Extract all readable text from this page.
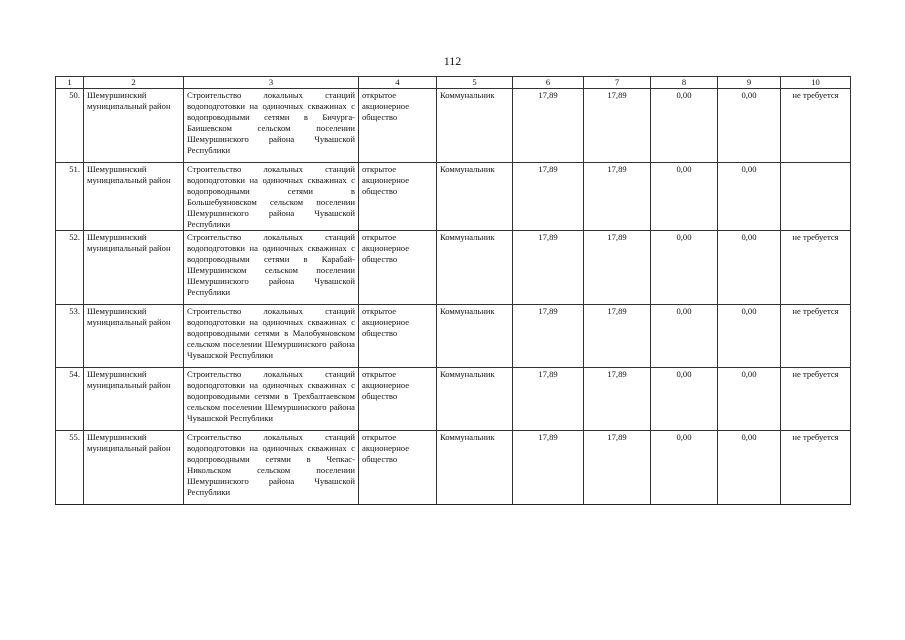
112
1	2	3	4	5	6	7	8	9	10
50.	Шемуршинский муниципальный район	Строительство локальных станций водоподготовки на одиночных скважинах с водопроводными сетями в Бичурга-Баишевском сельском поселении Шемуршинского района Чувашской Республики	открытое акционерное общество	Коммунальник	17,89	17,89	0,00	0,00	не требуется
51.	Шемуршинский муниципальный район	Строительство локальных станций водоподготовки на одиночных скважинах с водопроводными сетями в Большебуяновском сельском поселении Шемуршинского района Чувашской Республики	открытое акционерное общество	Коммунальник	17,89	17,89	0,00	0,00	
52.	Шемуршинский муниципальный район	Строительство локальных станций водоподготовки на одиночных скважинах с водопроводными сетями в Карабай-Шемуршинском сельском поселении Шемуршинского района Чувашской Республики	открытое акционерное общество	Коммунальник	17,89	17,89	0,00	0,00	не требуется
53.	Шемуршинский муниципальный район	Строительство локальных станций водоподготовки на одиночных скважинах с водопроводными сетями в Малобуяновском сельском поселении Шемуршинского района Чувашской Республики	открытое акционерное общество	Коммунальник	17,89	17,89	0,00	0,00	не требуется
54.	Шемуршинский муниципальный район	Строительство локальных станций водоподготовки на одиночных скважинах с водопроводными сетями в Трехбалтаевском сельском поселении Шемуршинского района Чувашской Республики	открытое акционерное общество	Коммунальник	17,89	17,89	0,00	0,00	не требуется
55.	Шемуршинский муниципальный район	Строительство локальных станций водоподготовки на одиночных скважинах с водопроводными сетями в Чепкас-Никольском сельском поселении Шемуршинского района Чувашской Республики	открытое акционерное общество	Коммунальник	17,89	17,89	0,00	0,00	не требуется
